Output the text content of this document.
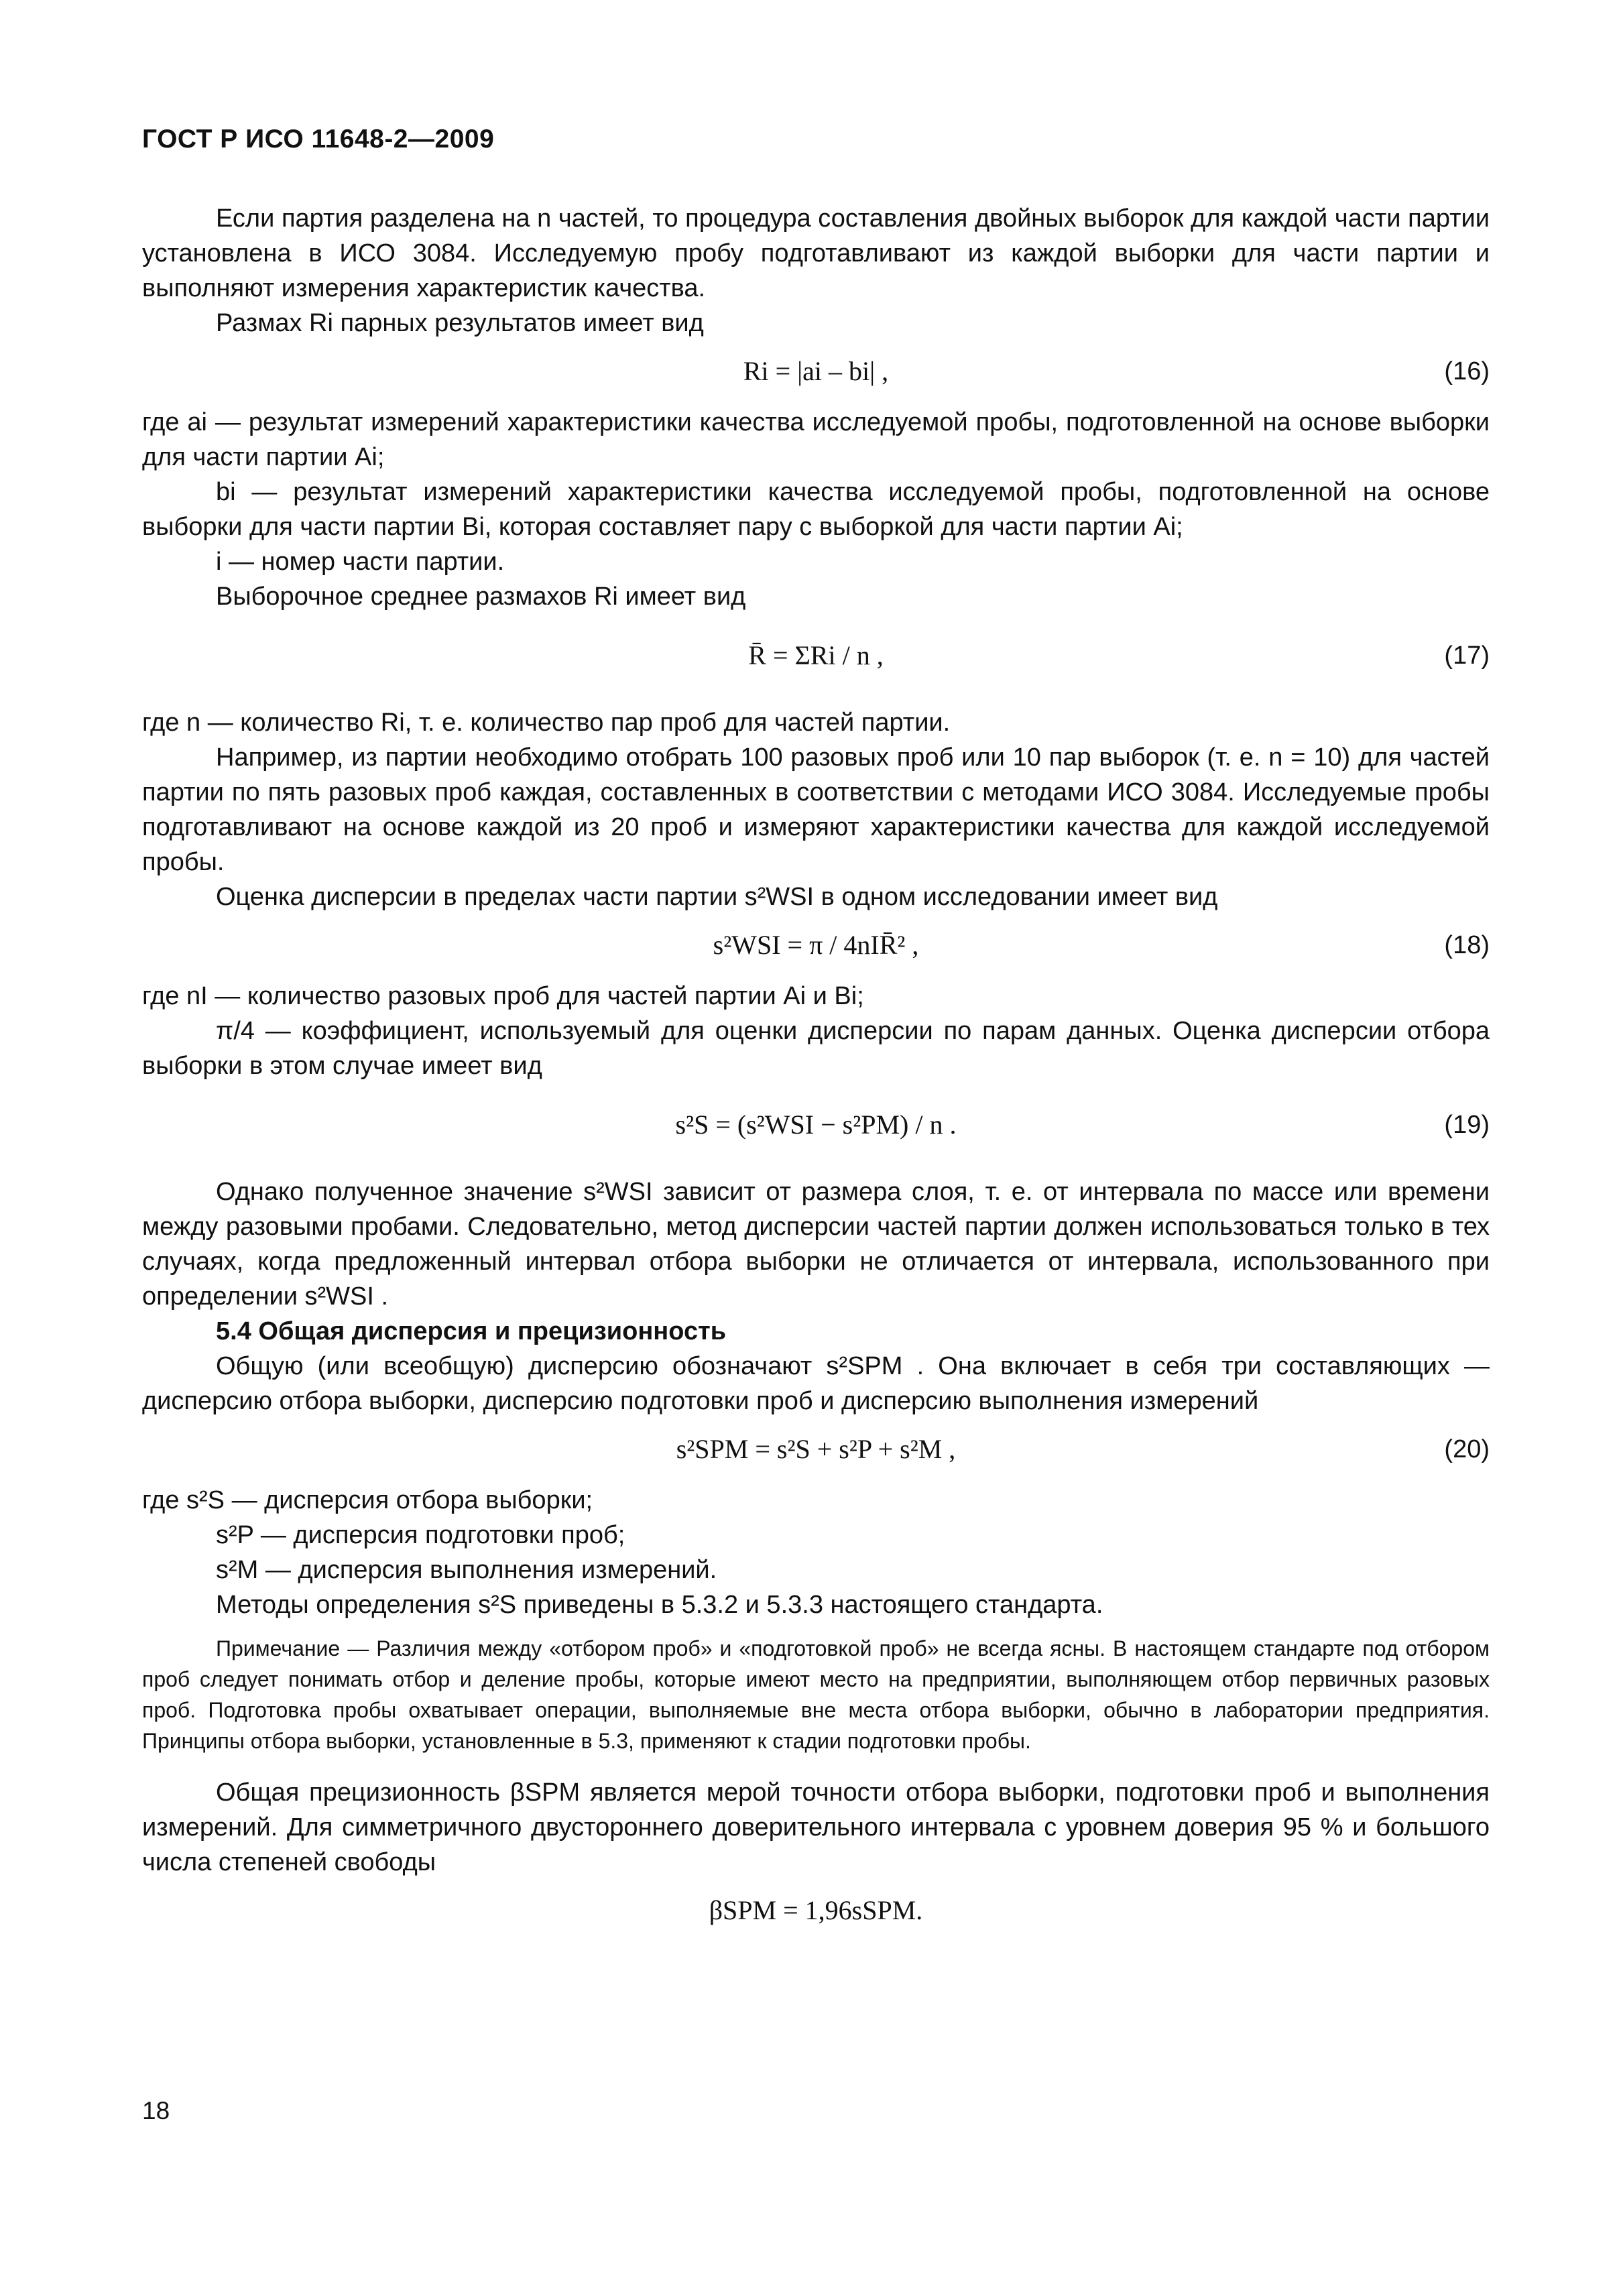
ГОСТ Р ИСО 11648-2—2009

Если партия разделена на n частей, то процедура составления двойных выборок для каждой части партии установлена в ИСО 3084. Исследуемую пробу подготавливают из каждой выборки для части партии и выполняют измерения характеристик качества.

Размах Ri парных результатов имеет вид

Ri = |ai – bi| ,	(16)

где ai — результат измерений характеристики качества исследуемой пробы, подготовленной на основе выборки для части партии Ai;

bi — результат измерений характеристики качества исследуемой пробы, подготовленной на основе выборки для части партии Bi, которая составляет пару с выборкой для части партии Ai;

i — номер части партии.

Выборочное среднее размахов Ri имеет вид

R̄ = ΣRi / n ,	(17)

где n — количество Ri, т. е. количество пар проб для частей партии.

Например, из партии необходимо отобрать 100 разовых проб или 10 пар выборок (т. е. n = 10) для частей партии по пять разовых проб каждая, составленных в соответствии с методами ИСО 3084. Исследуемые пробы подготавливают на основе каждой из 20 проб и измеряют характеристики качества для каждой исследуемой пробы.

Оценка дисперсии в пределах части партии s²WSI в одном исследовании имеет вид

s²WSI = π / 4nIR̄² ,	(18)

где nI — количество разовых проб для частей партии Ai и Bi;

π/4 — коэффициент, используемый для оценки дисперсии по парам данных. Оценка дисперсии отбора выборки в этом случае имеет вид

s²S = (s²WSI − s²PM) / n .	(19)

Однако полученное значение s²WSI зависит от размера слоя, т. е. от интервала по массе или времени между разовыми пробами. Следовательно, метод дисперсии частей партии должен использоваться только в тех случаях, когда предложенный интервал отбора выборки не отличается от интервала, использованного при определении s²WSI .

5.4 Общая дисперсия и прецизионность

Общую (или всеобщую) дисперсию обозначают s²SPM . Она включает в себя три составляющих — дисперсию отбора выборки, дисперсию подготовки проб и дисперсию выполнения измерений

s²SPM = s²S + s²P + s²M ,	(20)

где s²S — дисперсия отбора выборки;

s²P — дисперсия подготовки проб;

s²M — дисперсия выполнения измерений.

Методы определения s²S приведены в 5.3.2 и 5.3.3 настоящего стандарта.

Примечание — Различия между «отбором проб» и «подготовкой проб» не всегда ясны. В настоящем стандарте под отбором проб следует понимать отбор и деление пробы, которые имеют место на предприятии, выполняющем отбор первичных разовых проб. Подготовка пробы охватывает операции, выполняемые вне места отбора выборки, обычно в лаборатории предприятия. Принципы отбора выборки, установленные в 5.3, применяют к стадии подготовки пробы.

Общая прецизионность βSPM является мерой точности отбора выборки, подготовки проб и выполнения измерений. Для симметричного двустороннего доверительного интервала с уровнем доверия 95 % и большого числа степеней свободы

βSPM = 1,96sSPM.
18
